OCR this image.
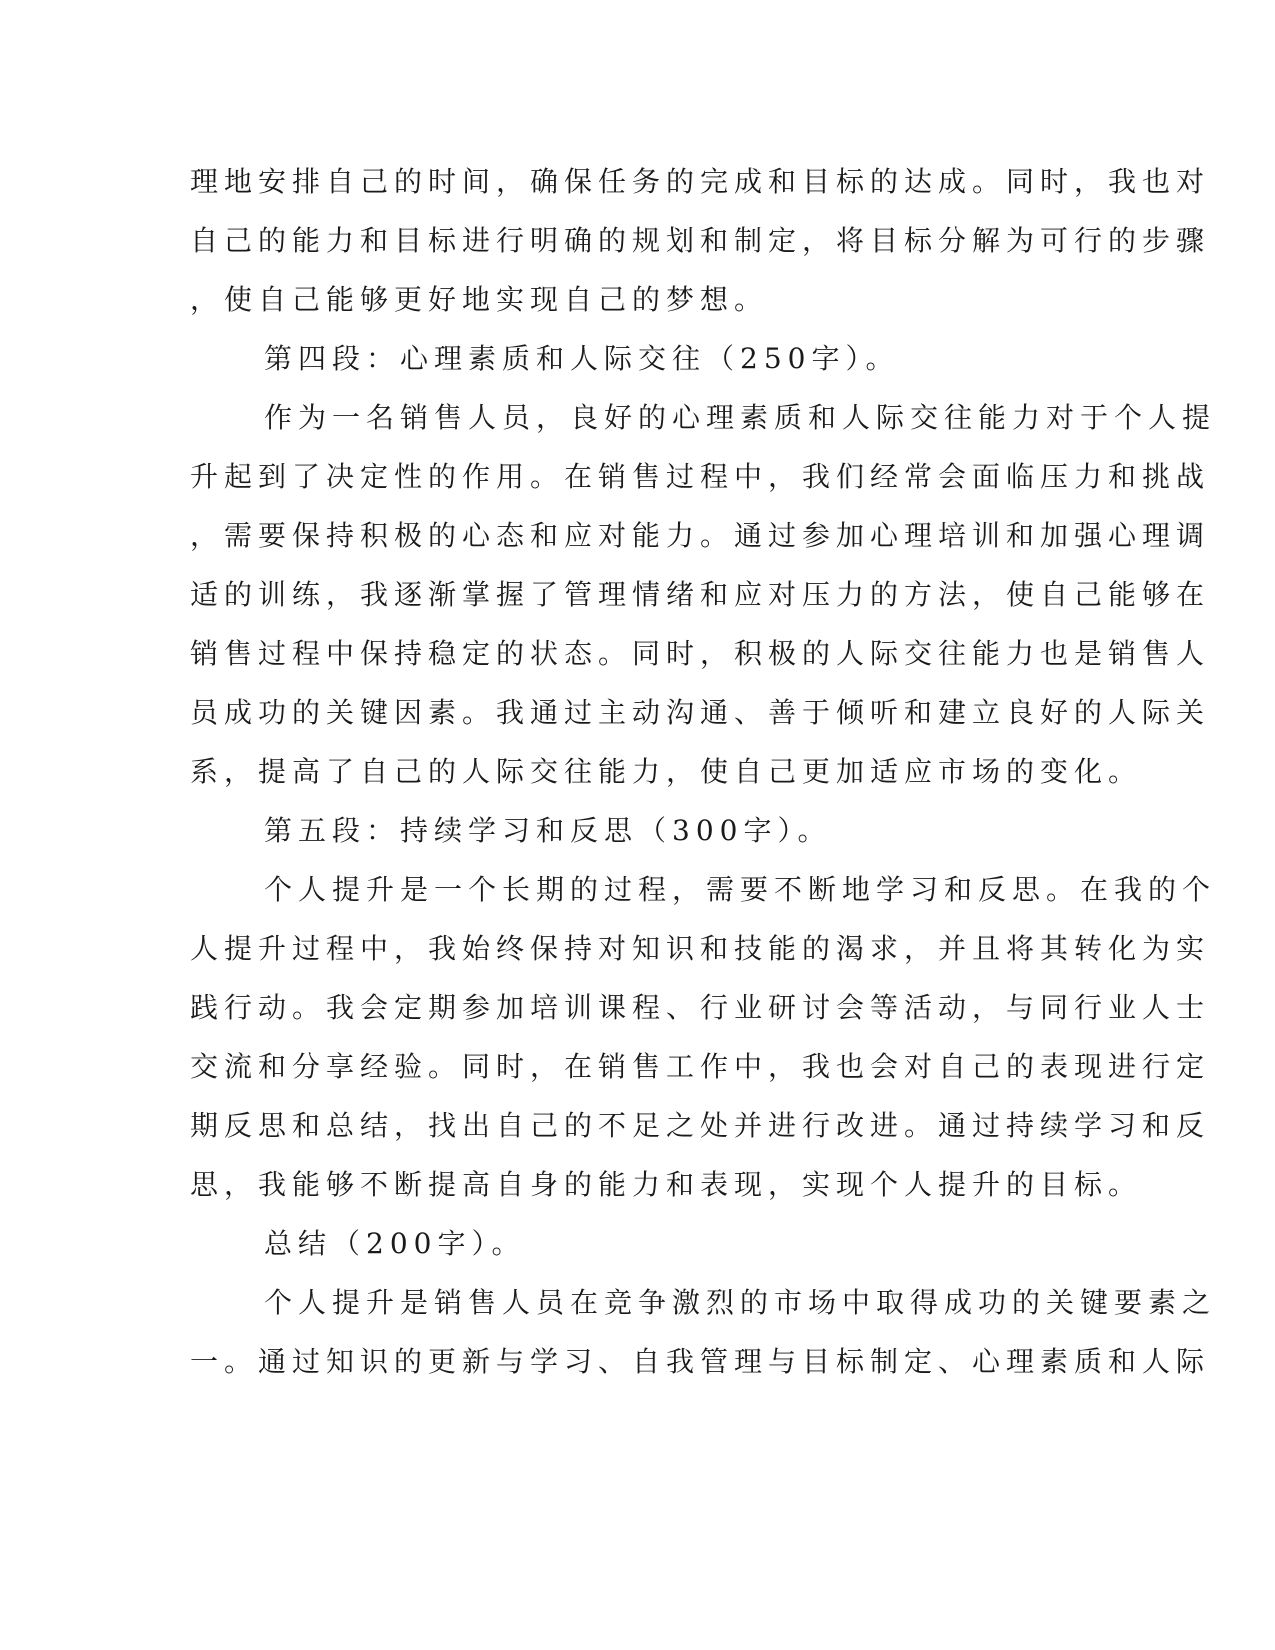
理地安排自己的时间，确保任务的完成和目标的达成。同时，我也对
自己的能力和目标进行明确的规划和制定，将目标分解为可行的步骤
，使自己能够更好地实现自己的梦想。
第四段：心理素质和人际交往（250字）。
作为一名销售人员，良好的心理素质和人际交往能力对于个人提
升起到了决定性的作用。在销售过程中，我们经常会面临压力和挑战
，需要保持积极的心态和应对能力。通过参加心理培训和加强心理调
适的训练，我逐渐掌握了管理情绪和应对压力的方法，使自己能够在
销售过程中保持稳定的状态。同时，积极的人际交往能力也是销售人
员成功的关键因素。我通过主动沟通、善于倾听和建立良好的人际关
系，提高了自己的人际交往能力，使自己更加适应市场的变化。
第五段：持续学习和反思（300字）。
个人提升是一个长期的过程，需要不断地学习和反思。在我的个
人提升过程中，我始终保持对知识和技能的渴求，并且将其转化为实
践行动。我会定期参加培训课程、行业研讨会等活动，与同行业人士
交流和分享经验。同时，在销售工作中，我也会对自己的表现进行定
期反思和总结，找出自己的不足之处并进行改进。通过持续学习和反
思，我能够不断提高自身的能力和表现，实现个人提升的目标。
总结（200字）。
个人提升是销售人员在竞争激烈的市场中取得成功的关键要素之
一。通过知识的更新与学习、自我管理与目标制定、心理素质和人际
